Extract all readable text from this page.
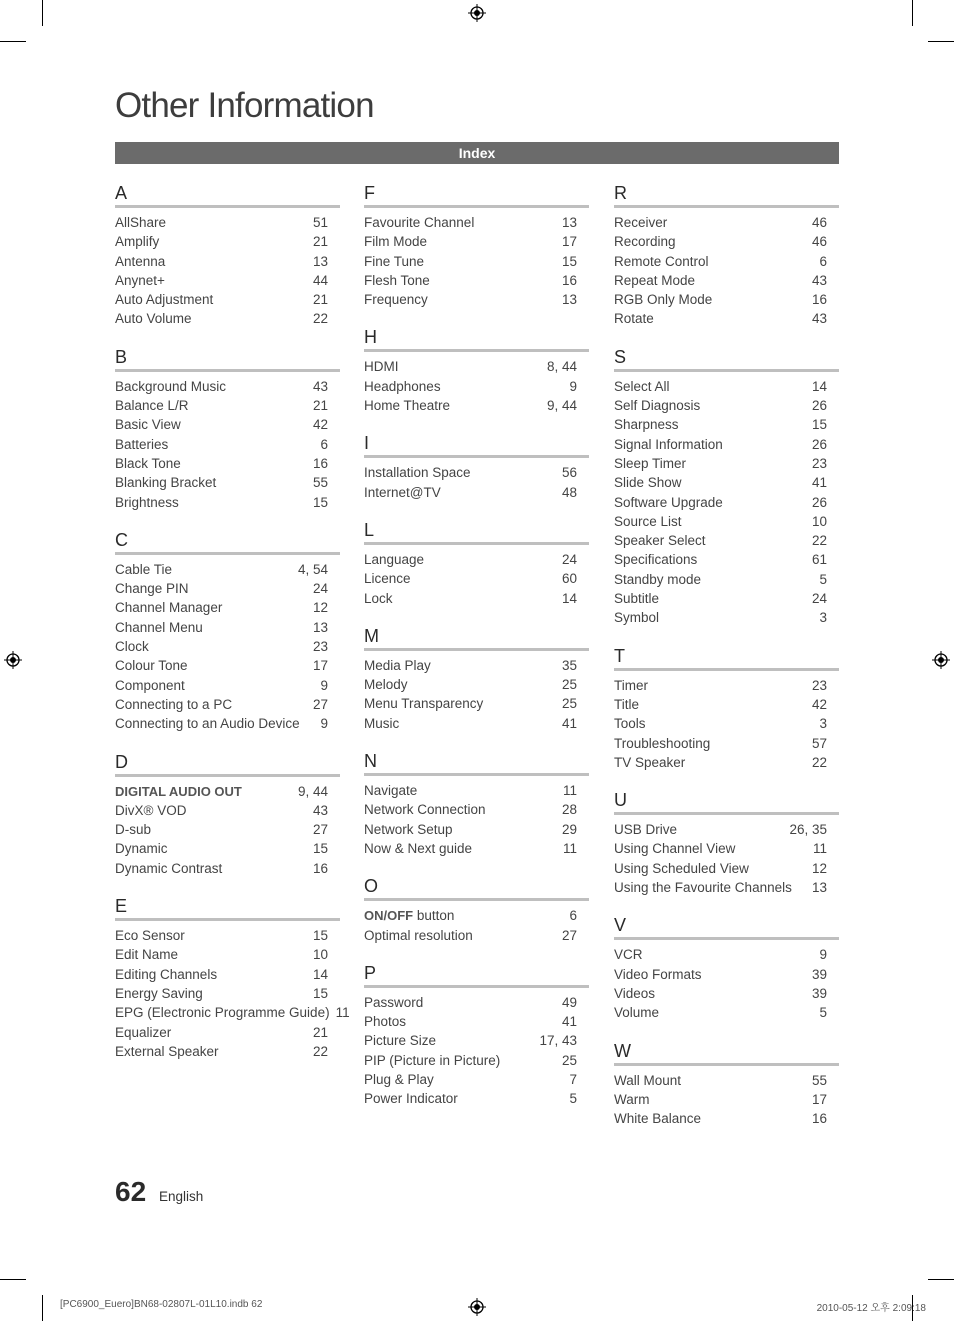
Other Information
Index
A
AllShare	51
Amplify	21
Antenna	13
Anynet+	44
Auto Adjustment	21
Auto Volume	22
B
Background Music	43
Balance L/R	21
Basic View	42
Batteries	6
Black Tone	16
Blanking Bracket	55
Brightness	15
C
Cable Tie	4, 54
Change PIN	24
Channel Manager	12
Channel Menu	13
Clock	23
Colour Tone	17
Component	9
Connecting to a PC	27
Connecting to an Audio Device	9
D
DIGITAL AUDIO OUT	9, 44
DivX® VOD	43
D-sub	27
Dynamic	15
Dynamic Contrast	16
E
Eco Sensor	15
Edit Name	10
Editing Channels	14
Energy Saving	15
EPG (Electronic Programme Guide) 11
Equalizer	21
External Speaker	22
F
Favourite Channel	13
Film Mode	17
Fine Tune	15
Flesh Tone	16
Frequency	13
H
HDMI	8, 44
Headphones	9
Home Theatre	9, 44
I
Installation Space	56
Internet@TV	48
L
Language	24
Licence	60
Lock	14
M
Media Play	35
Melody	25
Menu Transparency	25
Music	41
N
Navigate	11
Network Connection	28
Network Setup	29
Now & Next guide	11
O
ON/OFF button	6
Optimal resolution	27
P
Password	49
Photos	41
Picture Size	17, 43
PIP (Picture in Picture)	25
Plug & Play	7
Power Indicator	5
R
Receiver	46
Recording	46
Remote Control	6
Repeat Mode	43
RGB Only Mode	16
Rotate	43
S
Select All	14
Self Diagnosis	26
Sharpness	15
Signal Information	26
Sleep Timer	23
Slide Show	41
Software Upgrade	26
Source List	10
Speaker Select	22
Specifications	61
Standby mode	5
Subtitle	24
Symbol	3
T
Timer	23
Title	42
Tools	3
Troubleshooting	57
TV Speaker	22
U
USB Drive	26, 35
Using Channel View	11
Using Scheduled View	12
Using the Favourite Channels	13
V
VCR	9
Video Formats	39
Videos	39
Volume	5
W
Wall Mount	55
Warm	17
White Balance	16
62 English
[PC6900_Euero]BN68-02807L-01L10.indb 62	2010-05-12 오후 2:09:18
